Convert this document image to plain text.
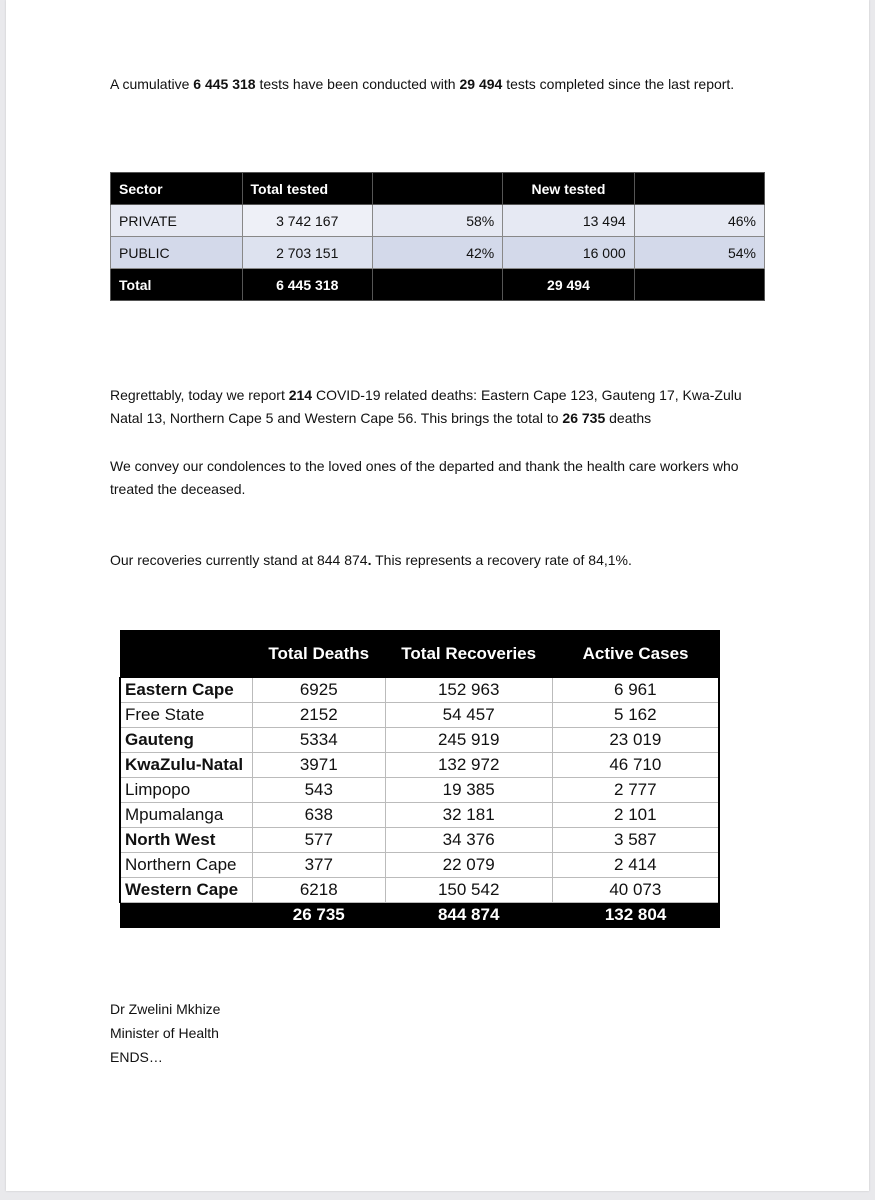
A cumulative 6 445 318 tests have been conducted with 29 494 tests completed since the last report.

Sector	Total tested		New tested	
PRIVATE	3 742 167	58%	13 494	46%
PUBLIC	2 703 151	42%	16 000	54%
Total	6 445 318		29 494	

Regrettably, today we report 214 COVID-19 related deaths: Eastern Cape 123, Gauteng 17, Kwa-Zulu Natal 13, Northern Cape 5 and Western Cape 56. This brings the total to 26 735 deaths

We convey our condolences to the loved ones of the departed and thank the health care workers who treated the deceased.

Our recoveries currently stand at 844 874. This represents a recovery rate of 84,1%.

	Total Deaths	Total Recoveries	Active Cases
Eastern Cape	6925	152 963	6 961
Free State	2152	54 457	5 162
Gauteng	5334	245 919	23 019
KwaZulu-Natal	3971	132 972	46 710
Limpopo	543	19 385	2 777
Mpumalanga	638	32 181	2 101
North West	577	34 376	3 587
Northern Cape	377	22 079	2 414
Western Cape	6218	150 542	40 073
	26 735	844 874	132 804
Dr Zwelini Mkhize
Minister of Health
ENDS…
